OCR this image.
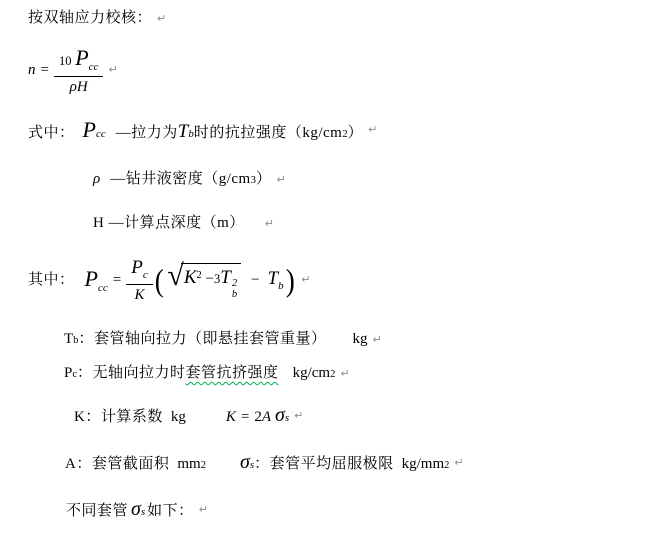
按双轴应力校核： ↵
$n = \frac{10 P_{cc}}{\rho H}$ ↵
式中： P cc —拉力为 T b 时的抗拉强度（kg/cm 2 ） ↵
ρ —钻井液密度（g/cm 3 ） ↵
H —计算点深度（m） ↵
其中： $P_{cc} = \frac{P_c}{K}$ ( √ $K^2 -3T$ 2
b
− $T_b$ ) ↵
T b ： 套管轴向拉力（即悬挂套管重量） kg ↵
P c ： 无轴向拉力时 套管抗挤强度 kg/cm 2 ↵
K：计算系数 kg	K = 2 A σ s ↵
A：套管截面积 mm 2 σ s ： 套管平均屈服极限 kg/mm 2 ↵
不同套管 σ s 如下： ↵
